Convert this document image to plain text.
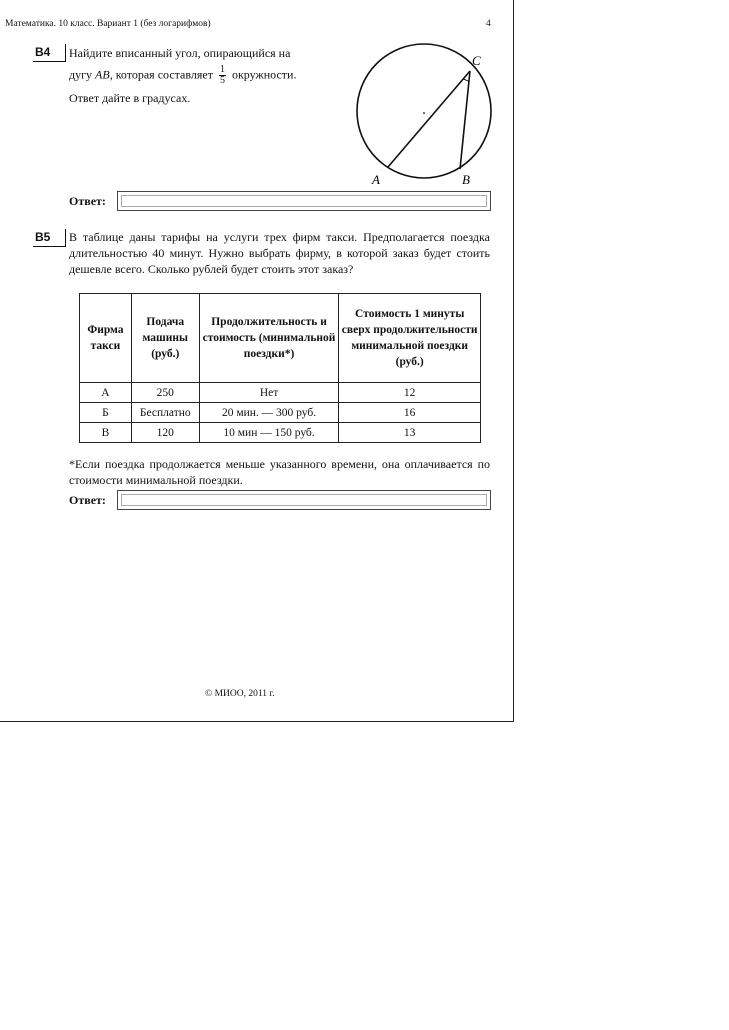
Математика. 10 класс. Вариант 1 (без логарифмов)	4
B4	Найдите вписанный угол, опирающийся на
дугу AB, которая составляет $\frac{1}{5}$ окружности.
Ответ дайте в градусах.
A	B
C
Ответ:
B5	В таблице даны тарифы на услуги трех фирм такси. Предполагается поездка длительностью 40 минут. Нужно выбрать фирму, в которой заказ будет стоить дешевле всего. Сколько рублей будет стоить этот заказ?
Фирма такси	Подача машины (руб.)	Продолжительность и стоимость (минимальной поездки*)	Стоимость 1 минуты сверх продолжительности минимальной поездки (руб.)
А	250	Нет	12
Б	Бесплатно	20 мин. — 300 руб.	16
В	120	10 мин — 150 руб.	13
*Если поездка продолжается меньше указанного времени, она оплачивается по стоимости минимальной поездки.
Ответ:
© МИОО, 2011 г.
